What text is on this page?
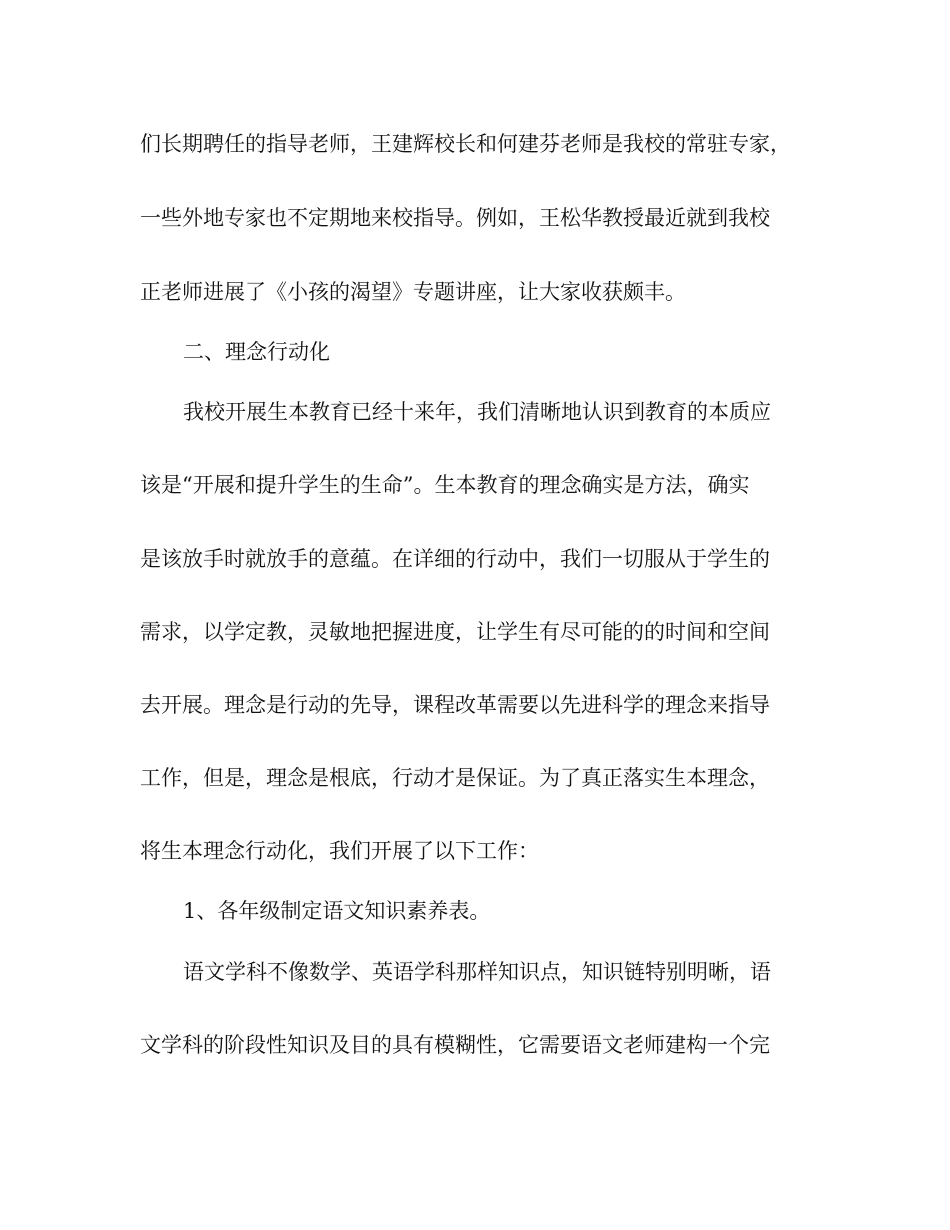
们长期聘任的指导老师，王建辉校长和何建芬老师是我校的常驻专家，
一些外地专家也不定期地来校指导。例如，王松华教授最近就到我校
正老师进展了《小孩的渴望》专题讲座，让大家收获颇丰。
二、理念行动化
我校开展生本教育已经十来年，我们清晰地认识到教育的本质应
该是“开展和提升学生的生命”。生本教育的理念确实是方法，确实
是该放手时就放手的意蕴。在详细的行动中，我们一切服从于学生的
需求，以学定教，灵敏地把握进度，让学生有尽可能的的时间和空间
去开展。理念是行动的先导，课程改革需要以先进科学的理念来指导
工作，但是，理念是根底，行动才是保证。为了真正落实生本理念，
将生本理念行动化，我们开展了以下工作：
1、各年级制定语文知识素养表。
语文学科不像数学、英语学科那样知识点，知识链特别明晰，语
文学科的阶段性知识及目的具有模糊性，它需要语文老师建构一个完
